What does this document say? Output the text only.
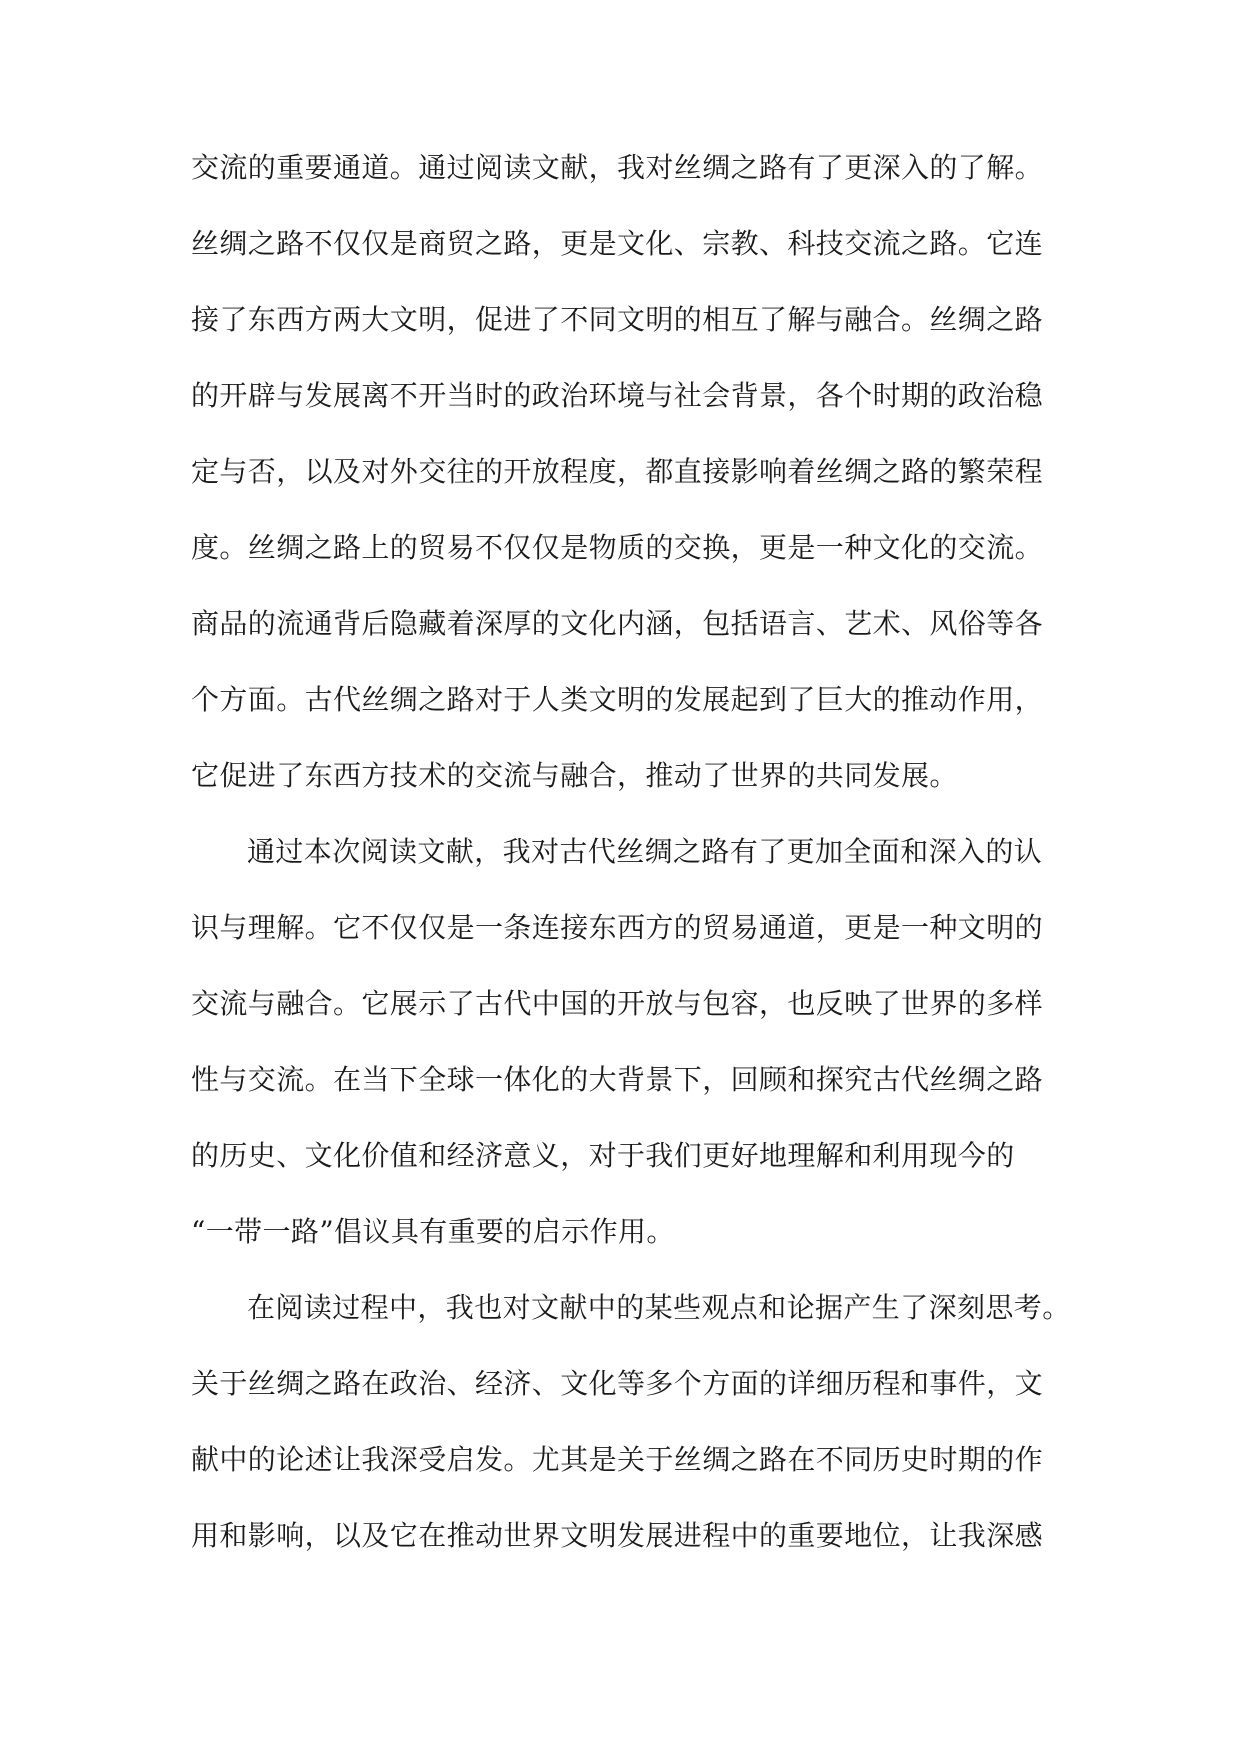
交流的重要通道。通过阅读文献，我对丝绸之路有了更深入的了解。
丝绸之路不仅仅是商贸之路，更是文化、宗教、科技交流之路。它连
接了东西方两大文明，促进了不同文明的相互了解与融合。丝绸之路
的开辟与发展离不开当时的政治环境与社会背景，各个时期的政治稳
定与否，以及对外交往的开放程度，都直接影响着丝绸之路的繁荣程
度。丝绸之路上的贸易不仅仅是物质的交换，更是一种文化的交流。
商品的流通背后隐藏着深厚的文化内涵，包括语言、艺术、风俗等各
个方面。古代丝绸之路对于人类文明的发展起到了巨大的推动作用，
它促进了东西方技术的交流与融合，推动了世界的共同发展。
通过本次阅读文献，我对古代丝绸之路有了更加全面和深入的认
识与理解。它不仅仅是一条连接东西方的贸易通道，更是一种文明的
交流与融合。它展示了古代中国的开放与包容，也反映了世界的多样
性与交流。在当下全球一体化的大背景下，回顾和探究古代丝绸之路
的历史、文化价值和经济意义，对于我们更好地理解和利用现今的
“一带一路”倡议具有重要的启示作用。
在阅读过程中，我也对文献中的某些观点和论据产生了深刻思考。
关于丝绸之路在政治、经济、文化等多个方面的详细历程和事件，文
献中的论述让我深受启发。尤其是关于丝绸之路在不同历史时期的作
用和影响，以及它在推动世界文明发展进程中的重要地位，让我深感
